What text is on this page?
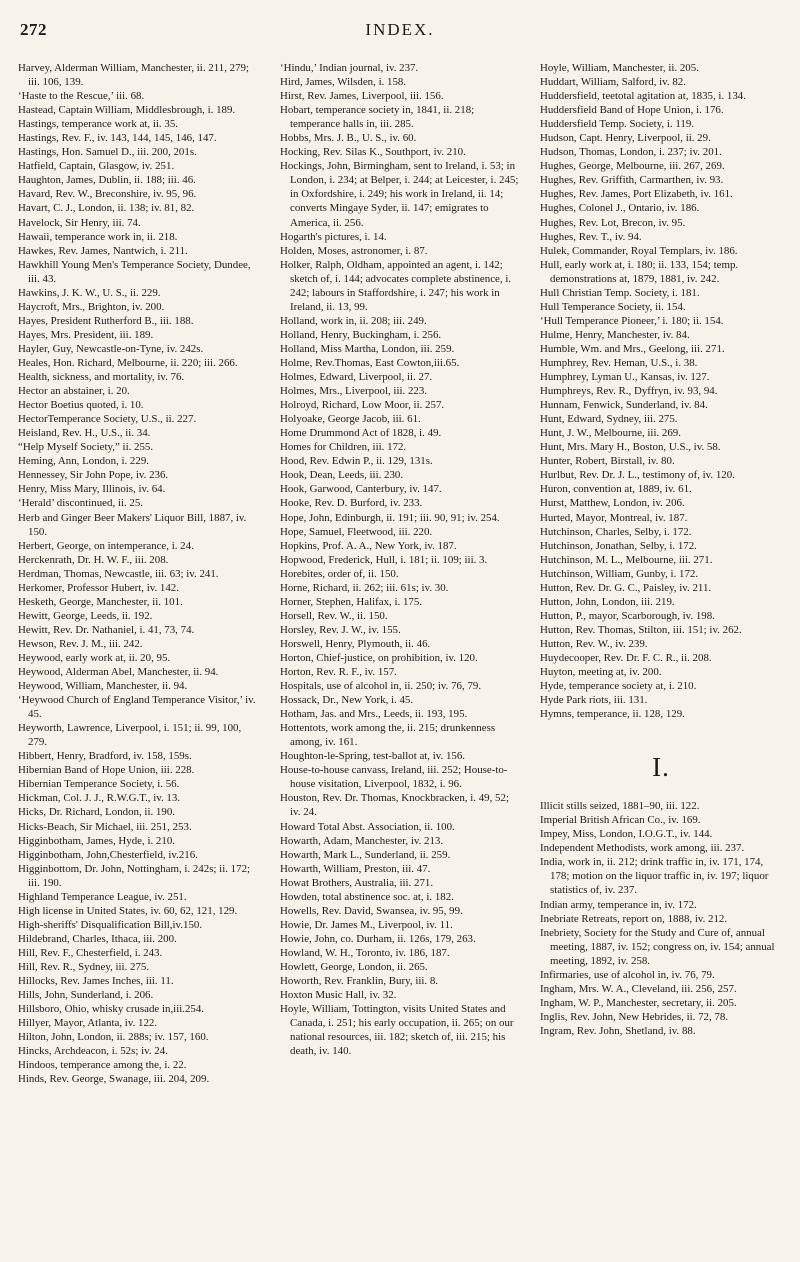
272	INDEX.

Harvey, Alderman William, Manchester, ii. 211, 279; iii. 106, 139.

‘Haste to the Rescue,’ iii. 68.

Hastead, Captain William, Middlesbrough, i. 189.

Hastings, temperance work at, ii. 35.

Hastings, Rev. F., iv. 143, 144, 145, 146, 147.

Hastings, Hon. Samuel D., iii. 200, 201s.

Hatfield, Captain, Glasgow, iv. 251.

Haughton, James, Dublin, ii. 188; iii. 46.

Havard, Rev. W., Breconshire, iv. 95, 96.

Havart, C. J., London, ii. 138; iv. 81, 82.

Havelock, Sir Henry, iii. 74.

Hawaii, temperance work in, ii. 218.

Hawkes, Rev. James, Nantwich, i. 211.

Hawkhill Young Men's Temperance Society, Dundee, iii. 43.

Hawkins, J. K. W., U. S., ii. 229.

Haycroft, Mrs., Brighton, iv. 200.

Hayes, President Rutherford B., iii. 188.

Hayes, Mrs. President, iii. 189.

Hayler, Guy, Newcastle-on-Tyne, iv. 242s.

Heales, Hon. Richard, Melbourne, ii. 220; iii. 266.

Health, sickness, and mortality, iv. 76.

Hector an abstainer, i. 20.

Hector Boetius quoted, i. 10.

HectorTemperance Society, U.S., ii. 227.

Heisland, Rev. H., U.S., ii. 34.

“Help Myself Society,” ii. 255.

Heming, Ann, London, i. 229.

Hennessey, Sir John Pope, iv. 236.

Henry, Miss Mary, Illinois, iv. 64.

‘Herald’ discontinued, ii. 25.

Herb and Ginger Beer Makers' Liquor Bill, 1887, iv. 150.

Herbert, George, on intemperance, i. 24.

Herckenrath, Dr. H. W. F., iii. 208.

Herdman, Thomas, Newcastle, iii. 63; iv. 241.

Herkomer, Professor Hubert, iv. 142.

Hesketh, George, Manchester, ii. 101.

Hewitt, George, Leeds, ii. 192.

Hewitt, Rev. Dr. Nathaniel, i. 41, 73, 74.

Hewson, Rev. J. M., iii. 242.

Heywood, early work at, ii. 20, 95.

Heywood, Alderman Abel, Manchester, ii. 94.

Heywood, William, Manchester, ii. 94.

‘Heywood Church of England Temperance Visitor,’ iv. 45.

Heyworth, Lawrence, Liverpool, i. 151; ii. 99, 100, 279.

Hibbert, Henry, Bradford, iv. 158, 159s.

Hibernian Band of Hope Union, iii. 228.

Hibernian Temperance Society, i. 56.

Hickman, Col. J. J., R.W.G.T., iv. 13.

Hicks, Dr. Richard, London, ii. 190.

Hicks-Beach, Sir Michael, iii. 251, 253.

Higginbotham, James, Hyde, i. 210.

Higginbotham, John,Chesterfield, iv.216.

Higginbottom, Dr. John, Nottingham, i. 242s; ii. 172; iii. 190.

Highland Temperance League, iv. 251.

High license in United States, iv. 60, 62, 121, 129.

High-sheriffs' Disqualification Bill,iv.150.

Hildebrand, Charles, Ithaca, iii. 200.

Hill, Rev. F., Chesterfield, i. 243.

Hill, Rev. R., Sydney, iii. 275.

Hillocks, Rev. James Inches, iii. 11.

Hills, John, Sunderland, i. 206.

Hillsboro, Ohio, whisky crusade in,iii.254.

Hillyer, Mayor, Atlanta, iv. 122.

Hilton, John, London, ii. 288s; iv. 157, 160.

Hincks, Archdeacon, i. 52s; iv. 24.

Hindoos, temperance among the, i. 22.

Hinds, Rev. George, Swanage, iii. 204, 209.

‘Hindu,’ Indian journal, iv. 237.

Hird, James, Wilsden, i. 158.

Hirst, Rev. James, Liverpool, iii. 156.

Hobart, temperance society in, 1841, ii. 218; temperance halls in, iii. 285.

Hobbs, Mrs. J. B., U. S., iv. 60.

Hocking, Rev. Silas K., Southport, iv. 210.

Hockings, John, Birmingham, sent to Ireland, i. 53; in London, i. 234; at Belper, i. 244; at Leicester, i. 245; in Oxfordshire, i. 249; his work in Ireland, ii. 14; converts Mingaye Syder, ii. 147; emigrates to America, ii. 256.

Hogarth's pictures, i. 14.

Holden, Moses, astronomer, i. 87.

Holker, Ralph, Oldham, appointed an agent, i. 142; sketch of, i. 144; advocates complete abstinence, i. 242; labours in Staffordshire, i. 247; his work in Ireland, ii. 13, 99.

Holland, work in, ii. 208; iii. 249.

Holland, Henry, Buckingham, i. 256.

Holland, Miss Martha, London, iii. 259.

Holme, Rev.Thomas, East Cowton,iii.65.

Holmes, Edward, Liverpool, ii. 27.

Holmes, Mrs., Liverpool, iii. 223.

Holroyd, Richard, Low Moor, ii. 257.

Holyoake, George Jacob, iii. 61.

Home Drummond Act of 1828, i. 49.

Homes for Children, iii. 172.

Hood, Rev. Edwin P., ii. 129, 131s.

Hook, Dean, Leeds, iii. 230.

Hook, Garwood, Canterbury, iv. 147.

Hooke, Rev. D. Burford, iv. 233.

Hope, John, Edinburgh, ii. 191; iii. 90, 91; iv. 254.

Hope, Samuel, Fleetwood, iii. 220.

Hopkins, Prof. A. A., New York, iv. 187.

Hopwood, Frederick, Hull, i. 181; ii. 109; iii. 3.

Horebites, order of, ii. 150.

Horne, Richard, ii. 262; iii. 61s; iv. 30.

Horner, Stephen, Halifax, i. 175.

Horsell, Rev. W., ii. 150.

Horsley, Rev. J. W., iv. 155.

Horswell, Henry, Plymouth, ii. 46.

Horton, Chief-justice, on prohibition, iv. 120.

Horton, Rev. R. F., iv. 157.

Hospitals, use of alcohol in, ii. 250; iv. 76, 79.

Hossack, Dr., New York, i. 45.

Hotham, Jas. and Mrs., Leeds, ii. 193, 195.

Hottentots, work among the, ii. 215; drunkenness among, iv. 161.

Houghton-le-Spring, test-ballot at, iv. 156.

House-to-house canvass, Ireland, iii. 252; House-to-house visitation, Liverpool, 1832, i. 96.

Houston, Rev. Dr. Thomas, Knockbracken, i. 49, 52; iv. 24.

Howard Total Abst. Association, ii. 100.

Howarth, Adam, Manchester, iv. 213.

Howarth, Mark L., Sunderland, ii. 259.

Howarth, William, Preston, iii. 47.

Howat Brothers, Australia, iii. 271.

Howden, total abstinence soc. at, i. 182.

Howells, Rev. David, Swansea, iv. 95, 99.

Howie, Dr. James M., Liverpool, iv. 11.

Howie, John, co. Durham, ii. 126s, 179, 263.

Howland, W. H., Toronto, iv. 186, 187.

Howlett, George, London, ii. 265.

Howorth, Rev. Franklin, Bury, iii. 8.

Hoxton Music Hall, iv. 32.

Hoyle, William, Tottington, visits United States and Canada, i. 251; his early occupation, ii. 265; on our national resources, iii. 182; sketch of, iii. 215; his death, iv. 140.

Hoyle, William, Manchester, ii. 205.

Huddart, William, Salford, iv. 82.

Huddersfield, teetotal agitation at, 1835, i. 134.

Huddersfield Band of Hope Union, i. 176.

Huddersfield Temp. Society, i. 119.

Hudson, Capt. Henry, Liverpool, ii. 29.

Hudson, Thomas, London, i. 237; iv. 201.

Hughes, George, Melbourne, iii. 267, 269.

Hughes, Rev. Griffith, Carmarthen, iv. 93.

Hughes, Rev. James, Port Elizabeth, iv. 161.

Hughes, Colonel J., Ontario, iv. 186.

Hughes, Rev. Lot, Brecon, iv. 95.

Hughes, Rev. T., iv. 94.

Hulek, Commander, Royal Templars, iv. 186.

Hull, early work at, i. 180; ii. 133, 154; temp. demonstrations at, 1879, 1881, iv. 242.

Hull Christian Temp. Society, i. 181.

Hull Temperance Society, ii. 154.

‘Hull Temperance Pioneer,’ i. 180; ii. 154.

Hulme, Henry, Manchester, iv. 84.

Humble, Wm. and Mrs., Geelong, iii. 271.

Humphrey, Rev. Heman, U.S., i. 38.

Humphrey, Lyman U., Kansas, iv. 127.

Humphreys, Rev. R., Dyffryn, iv. 93, 94.

Hunnam, Fenwick, Sunderland, iv. 84.

Hunt, Edward, Sydney, iii. 275.

Hunt, J. W., Melbourne, iii. 269.

Hunt, Mrs. Mary H., Boston, U.S., iv. 58.

Hunter, Robert, Birstall, iv. 80.

Hurlbut, Rev. Dr. J. L., testimony of, iv. 120.

Huron, convention at, 1889, iv. 61.

Hurst, Matthew, London, iv. 206.

Hurted, Mayor, Montreal, iv. 187.

Hutchinson, Charles, Selby, i. 172.

Hutchinson, Jonathan, Selby, i. 172.

Hutchinson, M. L., Melbourne, iii. 271.

Hutchinson, William, Gunby, i. 172.

Hutton, Rev. Dr. G. C., Paisley, iv. 211.

Hutton, John, London, iii. 219.

Hutton, P., mayor, Scarborough, iv. 198.

Hutton, Rev. Thomas, Stilton, iii. 151; iv. 262.

Hutton, Rev. W., iv. 239.

Huydecooper, Rev. Dr. F. C. R., ii. 208.

Huyton, meeting at, iv. 200.

Hyde, temperance society at, i. 210.

Hyde Park riots, iii. 131.

Hymns, temperance, ii. 128, 129.

I.

Illicit stills seized, 1881–90, iii. 122.

Imperial British African Co., iv. 169.

Impey, Miss, London, I.O.G.T., iv. 144.

Independent Methodists, work among, iii. 237.

India, work in, ii. 212; drink traffic in, iv. 171, 174, 178; motion on the liquor traffic in, iv. 197; liquor statistics of, iv. 237.

Indian army, temperance in, iv. 172.

Inebriate Retreats, report on, 1888, iv. 212.

Inebriety, Society for the Study and Cure of, annual meeting, 1887, iv. 152; congress on, iv. 154; annual meeting, 1892, iv. 258.

Infirmaries, use of alcohol in, iv. 76, 79.

Ingham, Mrs. W. A., Cleveland, iii. 256, 257.

Ingham, W. P., Manchester, secretary, ii. 205.

Inglis, Rev. John, New Hebrides, ii. 72, 78.

Ingram, Rev. John, Shetland, iv. 88.
